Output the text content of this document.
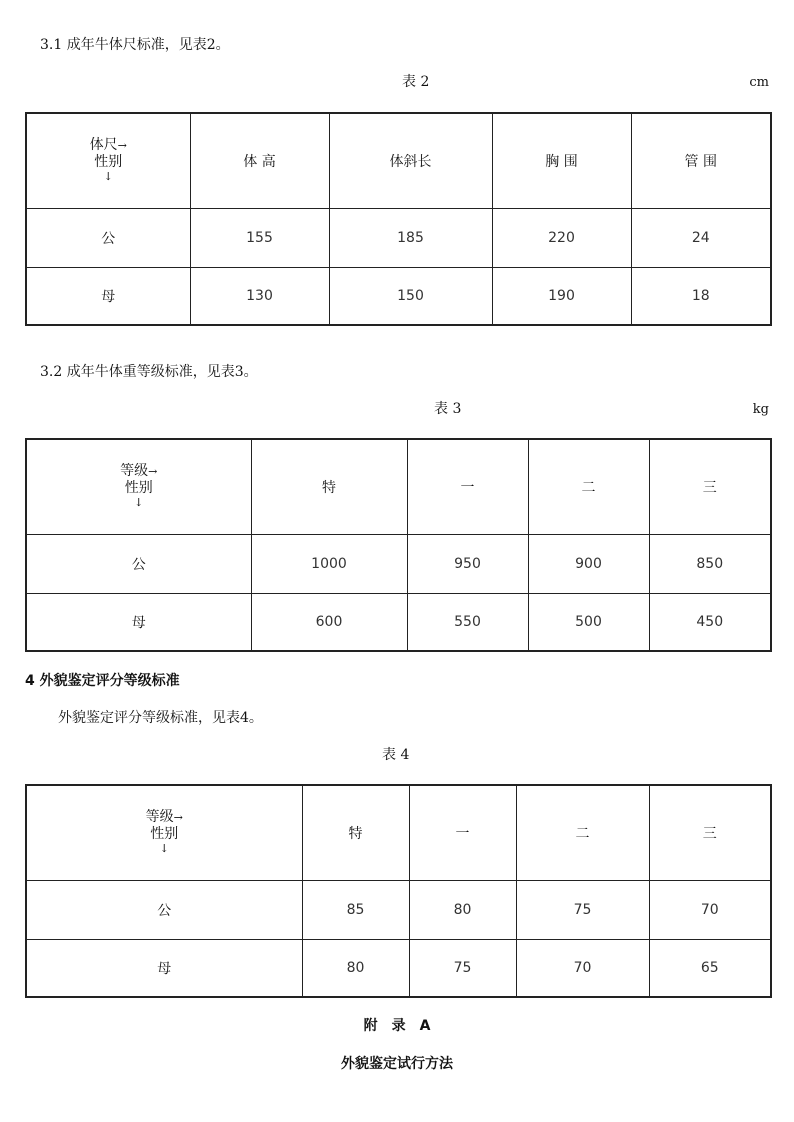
3.1 成年牛体尺标准，见表2。
表 2	cm
体尺→
性别
↓	体 高	体斜长	胸 围	管 围
公	155	185	220	24
母	130	150	190	18
3.2 成年牛体重等级标准，见表3。
表 3	kg
等级→
性别
↓	特	一	二	三
公	1000	950	900	850
母	600	550	500	450
4 外貌鉴定评分等级标准
外貌鉴定评分等级标准，见表4。
表 4
等级→
性别
↓	特	一	二	三
公	85	80	75	70
母	80	75	70	65
附　录　A
外貌鉴定试行方法
